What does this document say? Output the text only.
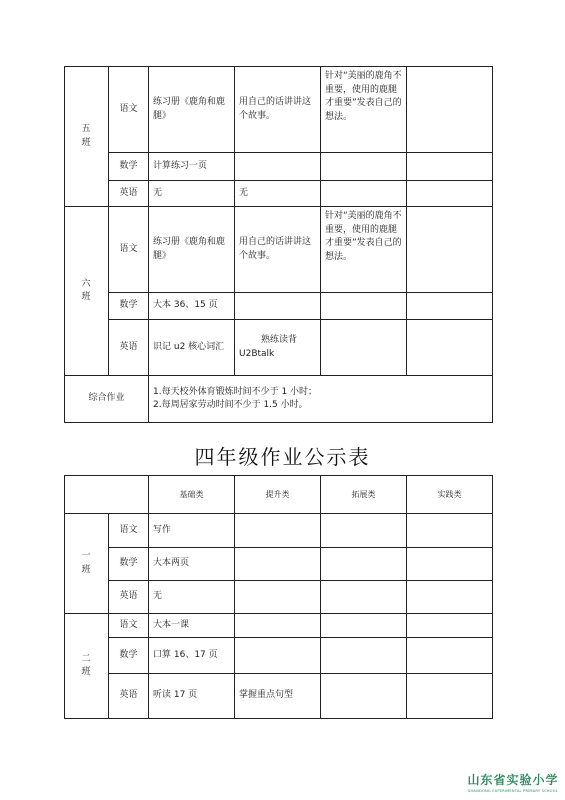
五
班	语文	练习册《鹿角和鹿腿》	用自己的话讲讲这个故事。	针对“美丽的鹿角不重要，使用的鹿腿才重要”发表自己的想法。	
	数学	计算练习一页			
	英语	无	无		

六
班	语文	练习册《鹿角和鹿腿》	用自己的话讲讲这个故事。	针对“美丽的鹿角不重要，使用的鹿腿才重要”发表自己的想法。	
	数学	大本 36、15 页			
	英语	识记 u2 核心词汇	熟练读背
U2Btalk		

综合作业		1.每天校外体育锻炼时间不少于 1 小时；
2.每周居家劳动时间不少于 1.5 小时。			
四年级作业公示表
		基础类	提升类	拓展类	实践类

一
班	语文	写作			
	数学	大本两页			
	英语	无			

二
班	语文	大本一课			
	数学	口算 16、17 页			
	英语	听读 17 页	掌握重点句型		
山东省实验小学
SHANDONG EXPERIMENTAL PRIMARY SCHOOL
